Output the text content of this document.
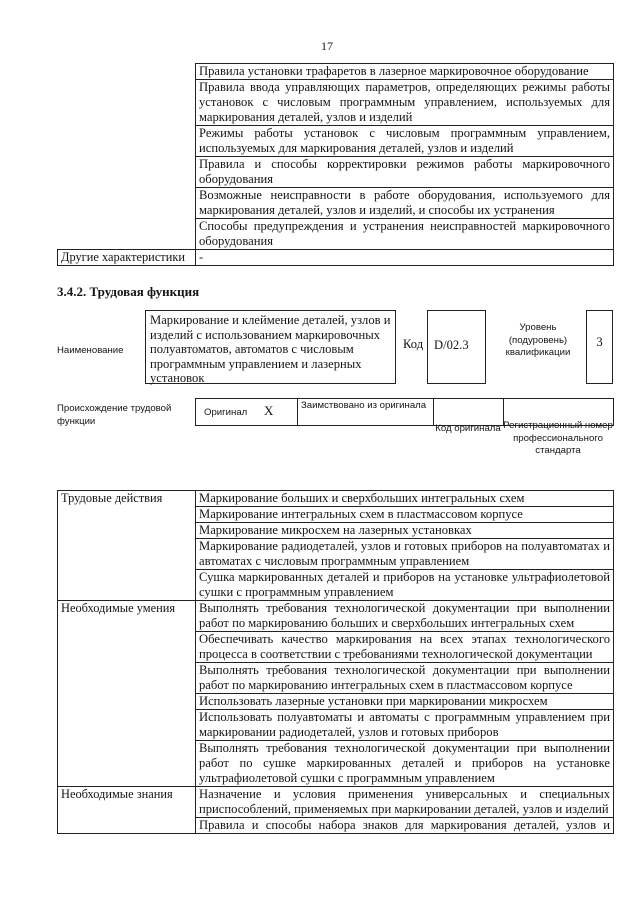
17
	Правила установки трафаретов в лазерное маркировочное оборудование
	Правила ввода управляющих параметров, определяющих режимы работы установок с числовым программным управлением, используемых для маркирования деталей, узлов и изделий
	Режимы работы установок с числовым программным управлением, используемых для маркирования деталей, узлов и изделий
	Правила и способы корректировки режимов работы маркировочного оборудования
	Возможные неисправности в работе оборудования, используемого для маркирования деталей, узлов и изделий, и способы их устранения
	Способы предупреждения и устранения неисправностей маркировочного оборудования
Другие характеристики	-
3.4.2. Трудовая функция
Наименование
Маркирование и клеймение деталей, узлов и изделий с использованием маркировочных полуавтоматов, автоматов с числовым программным управлением и лазерных установок
Код D/02.3
Уровень (подуровень) квалификации
3
Происхождение трудовой функции
Оригинал X	Заимствовано из оригинала		
Код оригинала Регистрационный номер профессионального стандарта
Трудовые действия	Маркирование больших и сверхбольших интегральных схем
	Маркирование интегральных схем в пластмассовом корпусе
	Маркирование микросхем на лазерных установках
	Маркирование радиодеталей, узлов и готовых приборов на полуавтоматах и автоматах с числовым программным управлением
	Сушка маркированных деталей и приборов на установке ультрафиолетовой сушки с программным управлением
Необходимые умения	Выполнять требования технологической документации при выполнении работ по маркированию больших и сверхбольших интегральных схем
	Обеспечивать качество маркирования на всех этапах технологического процесса в соответствии с требованиями технологической документации
	Выполнять требования технологической документации при выполнении работ по маркированию интегральных схем в пластмассовом корпусе
	Использовать лазерные установки при маркировании микросхем
	Использовать полуавтоматы и автоматы с программным управлением при маркировании радиодеталей, узлов и готовых приборов
	Выполнять требования технологической документации при выполнении работ по сушке маркированных деталей и приборов на установке ультрафиолетовой сушки с программным управлением
Необходимые знания	Назначение и условия применения универсальных и специальных приспособлений, применяемых при маркировании деталей, узлов и изделий
	Правила и способы набора знаков для маркирования деталей, узлов и
